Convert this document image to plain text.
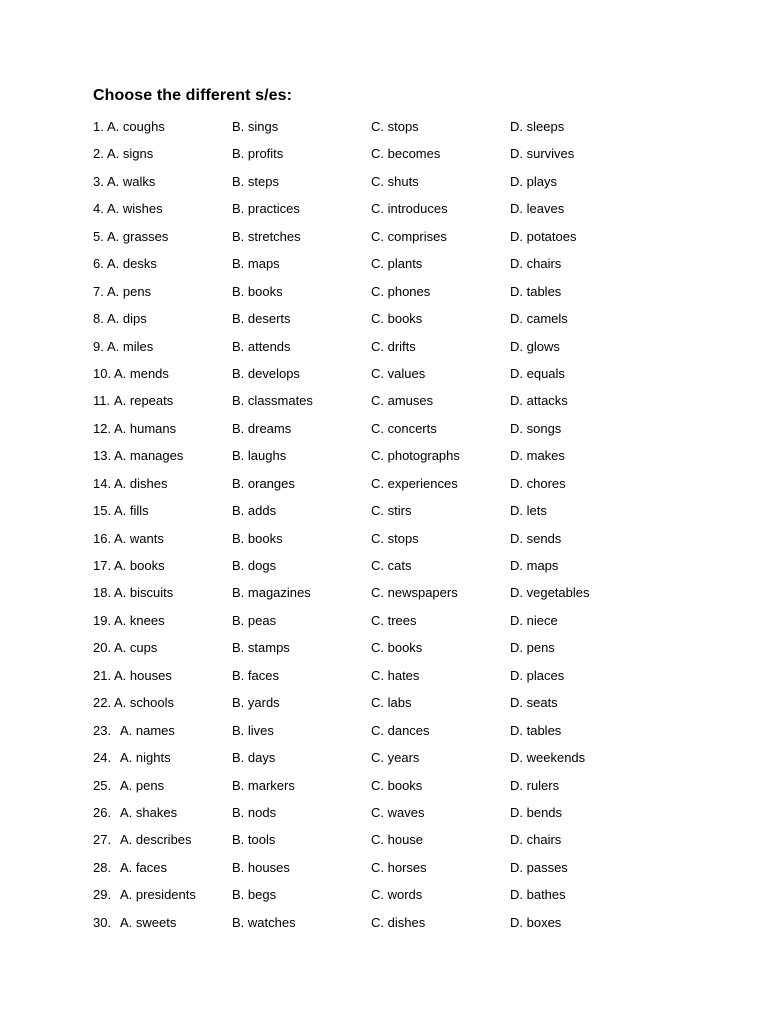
Choose the different s/es:
1. A. coughs	B. sings	C. stops	D. sleeps
2. A. signs	B. profits	C. becomes	D. survives
3. A. walks	B. steps	C. shuts	D. plays
4. A. wishes	B. practices	C. introduces	D. leaves
5. A. grasses	B. stretches	C. comprises	D. potatoes
6. A. desks	B. maps	C. plants	D. chairs
7. A. pens	B. books	C. phones	D. tables
8. A. dips	B. deserts	C. books	D. camels
9. A. miles	B. attends	C. drifts	D. glows
10. A. mends	B. develops	C. values	D. equals
11. A. repeats	B. classmates	C. amuses	D. attacks
12. A. humans	B. dreams	C. concerts	D. songs
13. A. manages	B. laughs	C. photographs	D. makes
14. A. dishes	B. oranges	C. experiences	D. chores
15. A. fills	B. adds	C. stirs	D. lets
16. A. wants	B. books	C. stops	D. sends
17. A. books	B. dogs	C. cats	D. maps
18. A. biscuits	B. magazines	C. newspapers	D. vegetables
19. A. knees	B. peas	C. trees	D. niece
20. A. cups	B. stamps	C. books	D. pens
21. A. houses	B. faces	C. hates	D. places
22. A. schools	B. yards	C. labs	D. seats
23. A. names	B. lives	C. dances	D. tables
24. A. nights	B. days	C. years	D. weekends
25. A. pens	B. markers	C. books	D. rulers
26. A. shakes	B. nods	C. waves	D. bends
27. A. describes	B. tools	C. house	D. chairs
28. A. faces	B. houses	C. horses	D. passes
29. A. presidents	B. begs	C. words	D. bathes
30. A. sweets	B. watches	C. dishes	D. boxes
